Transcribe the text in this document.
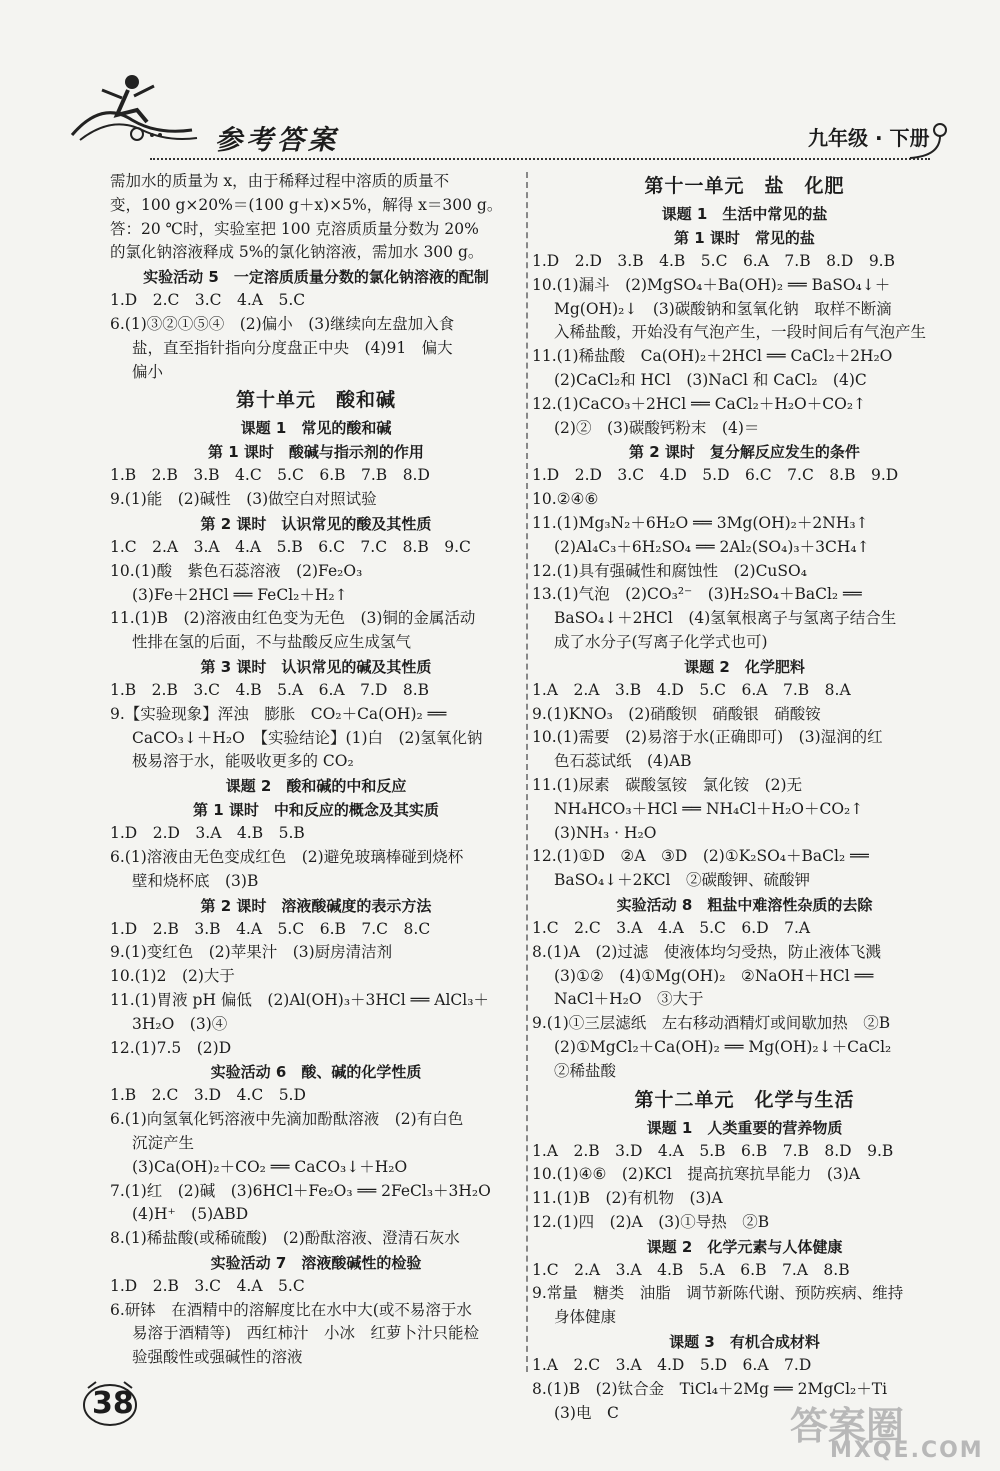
参考答案	九年级 · 下册
需加水的质量为 x，由于稀释过程中溶质的质量不
变，100 g×20%＝(100 g＋x)×5%，解得 x＝300 g。
答：20 ℃时，实验室把 100 克溶质质量分数为 20%
的氯化钠溶液释成 5%的氯化钠溶液，需加水 300 g。
实验活动 5　一定溶质质量分数的氯化钠溶液的配制
1.D　2.C　3.C　4.A　5.C
6.(1)③②①⑤④　(2)偏小　(3)继续向左盘加入食
盐，直至指针指向分度盘正中央　(4)91　偏大
偏小
第十单元　酸和碱
课题 1　常见的酸和碱
第 1 课时　酸碱与指示剂的作用
1.B　2.B　3.B　4.C　5.C　6.B　7.B　8.D
9.(1)能　(2)碱性　(3)做空白对照试验
第 2 课时　认识常见的酸及其性质
1.C　2.A　3.A　4.A　5.B　6.C　7.C　8.B　9.C
10.(1)酸　紫色石蕊溶液　(2)Fe₂O₃
(3)Fe＋2HCl ══ FeCl₂＋H₂↑
11.(1)B　(2)溶液由红色变为无色　(3)铜的金属活动
性排在氢的后面，不与盐酸反应生成氢气
第 3 课时　认识常见的碱及其性质
1.B　2.B　3.C　4.B　5.A　6.A　7.D　8.B
9.【实验现象】浑浊　膨胀　CO₂＋Ca(OH)₂ ══
CaCO₃↓＋H₂O　【实验结论】(1)白　(2)氢氧化钠
极易溶于水，能吸收更多的 CO₂
课题 2　酸和碱的中和反应
第 1 课时　中和反应的概念及其实质
1.D　2.D　3.A　4.B　5.B
6.(1)溶液由无色变成红色　(2)避免玻璃棒碰到烧杯
壁和烧杯底　(3)B
第 2 课时　溶液酸碱度的表示方法
1.D　2.B　3.B　4.A　5.C　6.B　7.C　8.C
9.(1)变红色　(2)苹果汁　(3)厨房清洁剂
10.(1)2　(2)大于
11.(1)胃液 pH 偏低　(2)Al(OH)₃＋3HCl ══ AlCl₃＋
3H₂O　(3)④
12.(1)7.5　(2)D
实验活动 6　酸、碱的化学性质
1.B　2.C　3.D　4.C　5.D
6.(1)向氢氧化钙溶液中先滴加酚酞溶液　(2)有白色
沉淀产生
(3)Ca(OH)₂＋CO₂ ══ CaCO₃↓＋H₂O
7.(1)红　(2)碱　(3)6HCl＋Fe₂O₃ ══ 2FeCl₃＋3H₂O
(4)H⁺　(5)ABD
8.(1)稀盐酸(或稀硫酸)　(2)酚酞溶液、澄清石灰水
实验活动 7　溶液酸碱性的检验
1.D　2.B　3.C　4.A　5.C
6.研钵　在酒精中的溶解度比在水中大(或不易溶于水
易溶于酒精等)　西红柿汁　小冰　红萝卜汁只能检
验强酸性或强碱性的溶液
第十一单元　盐　化肥
课题 1　生活中常见的盐
第 1 课时　常见的盐
1.D　2.D　3.B　4.B　5.C　6.A　7.B　8.D　9.B
10.(1)漏斗　(2)MgSO₄＋Ba(OH)₂ ══ BaSO₄↓＋
Mg(OH)₂↓　(3)碳酸钠和氢氧化钠　取样不断滴
入稀盐酸，开始没有气泡产生，一段时间后有气泡产生
11.(1)稀盐酸　Ca(OH)₂＋2HCl ══ CaCl₂＋2H₂O
(2)CaCl₂和 HCl　(3)NaCl 和 CaCl₂　(4)C
12.(1)CaCO₃＋2HCl ══ CaCl₂＋H₂O＋CO₂↑
(2)②　(3)碳酸钙粉末　(4)＝
第 2 课时　复分解反应发生的条件
1.D　2.D　3.C　4.D　5.D　6.C　7.C　8.B　9.D
10.②④⑥
11.(1)Mg₃N₂＋6H₂O ══ 3Mg(OH)₂＋2NH₃↑
(2)Al₄C₃＋6H₂SO₄ ══ 2Al₂(SO₄)₃＋3CH₄↑
12.(1)具有强碱性和腐蚀性　(2)CuSO₄
13.(1)气泡　(2)CO₃²⁻　(3)H₂SO₄＋BaCl₂ ══
BaSO₄↓＋2HCl　(4)氢氧根离子与氢离子结合生
成了水分子(写离子化学式也可)
课题 2　化学肥料
1.A　2.A　3.B　4.D　5.C　6.A　7.B　8.A
9.(1)KNO₃　(2)硝酸钡　硝酸银　硝酸铵
10.(1)需要　(2)易溶于水(正确即可)　(3)湿润的红
色石蕊试纸　(4)AB
11.(1)尿素　碳酸氢铵　氯化铵　(2)无
NH₄HCO₃＋HCl ══ NH₄Cl＋H₂O＋CO₂↑
(3)NH₃ · H₂O
12.(1)①D　②A　③D　(2)①K₂SO₄＋BaCl₂ ══
BaSO₄↓＋2KCl　②碳酸钾、硫酸钾
实验活动 8　粗盐中难溶性杂质的去除
1.C　2.C　3.A　4.A　5.C　6.D　7.A
8.(1)A　(2)过滤　使液体均匀受热，防止液体飞溅
(3)①②　(4)①Mg(OH)₂　②NaOH＋HCl ══
NaCl＋H₂O　③大于
9.(1)①三层滤纸　左右移动酒精灯或间歇加热　②B
(2)①MgCl₂＋Ca(OH)₂ ══ Mg(OH)₂↓＋CaCl₂
②稀盐酸
第十二单元　化学与生活
课题 1　人类重要的营养物质
1.A　2.B　3.D　4.A　5.B　6.B　7.B　8.D　9.B
10.(1)④⑥　(2)KCl　提高抗寒抗旱能力　(3)A
11.(1)B　(2)有机物　(3)A
12.(1)四　(2)A　(3)①导热　②B
课题 2　化学元素与人体健康
1.C　2.A　3.A　4.B　5.A　6.B　7.A　8.B
9.常量　糖类　油脂　调节新陈代谢、预防疾病、维持
身体健康
课题 3　有机合成材料
1.A　2.C　3.A　4.D　5.D　6.A　7.D
8.(1)B　(2)钛合金　TiCl₄＋2Mg ══ 2MgCl₂＋Ti
(3)电　C
38
答案圈
MXQE.COM
